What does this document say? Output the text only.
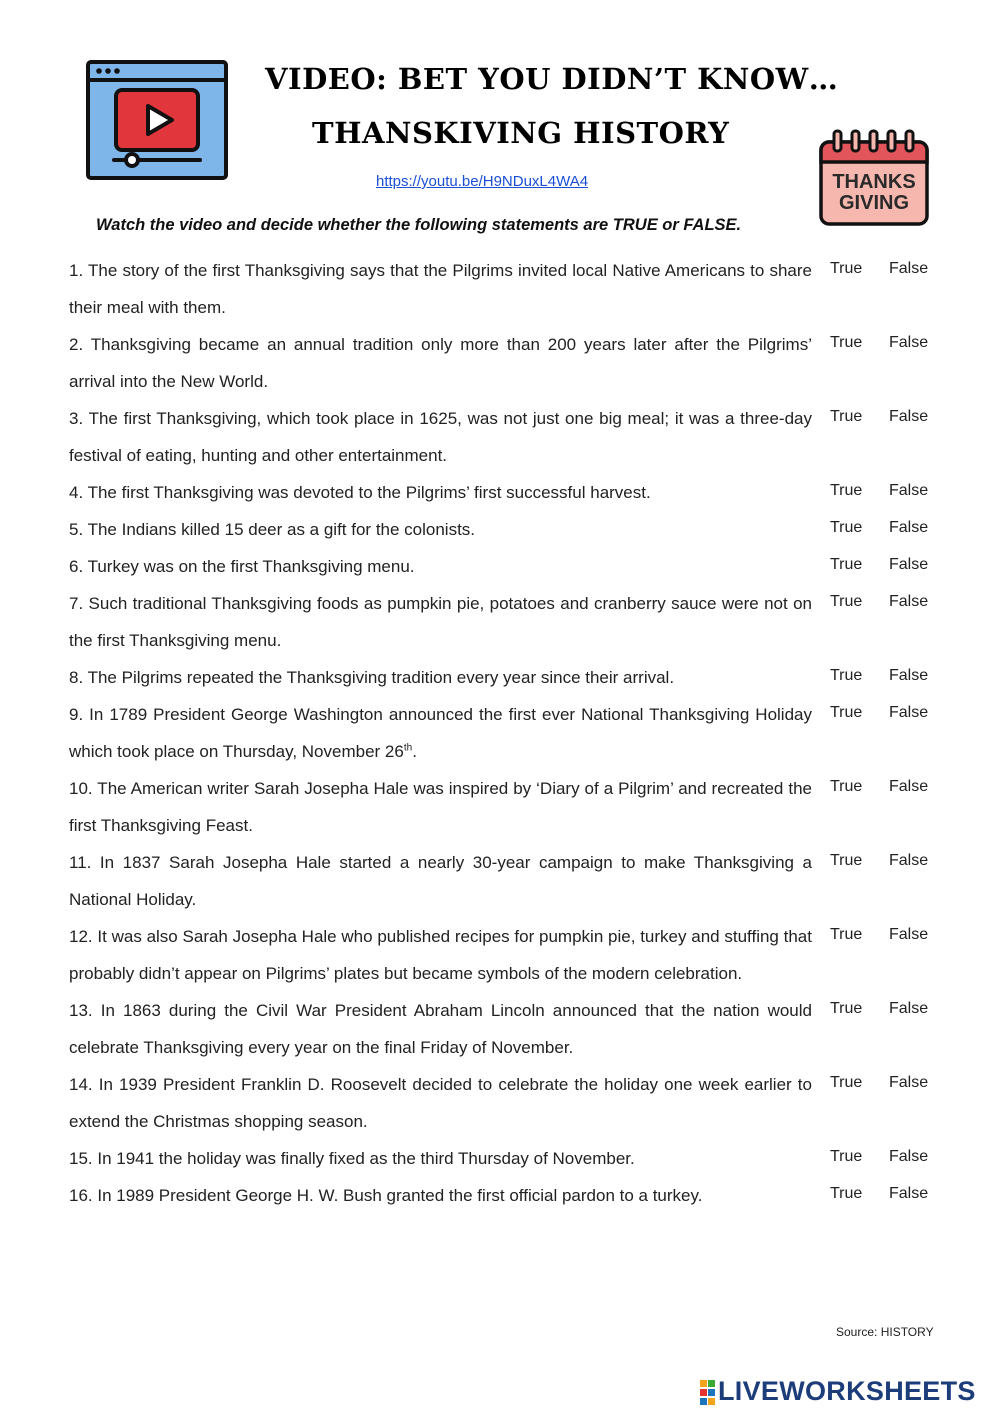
VIDEO: BET YOU DIDN’T KNOW…
THANSKIVING HISTORY
https://youtu.be/H9NDuxL4WA4	THANKS
GIVING
Watch the video and decide whether the following statements are TRUE or FALSE.
1. The story of the first Thanksgiving says that the Pilgrims invited local Native Americans to share their meal with them.
True False
2. Thanksgiving became an annual tradition only more than 200 years later after the Pilgrims’ arrival into the New World.
True False
3. The first Thanksgiving, which took place in 1625, was not just one big meal; it was a three-day festival of eating, hunting and other entertainment.
True False
4. The first Thanksgiving was devoted to the Pilgrims’ first successful harvest.	True False
5. The Indians killed 15 deer as a gift for the colonists.	True False
6. Turkey was on the first Thanksgiving menu.	True False
7. Such traditional Thanksgiving foods as pumpkin pie, potatoes and cranberry sauce were not on the first Thanksgiving menu.
True False
8. The Pilgrims repeated the Thanksgiving tradition every year since their arrival.	True False
9. In 1789 President George Washington announced the first ever National Thanksgiving Holiday which took place on Thursday, November 26th.
True False
10. The American writer Sarah Josepha Hale was inspired by ‘Diary of a Pilgrim’ and recreated the first Thanksgiving Feast.
True False
11. In 1837 Sarah Josepha Hale started a nearly 30-year campaign to make Thanksgiving a National Holiday.
True False
12. It was also Sarah Josepha Hale who published recipes for pumpkin pie, turkey and stuffing that probably didn’t appear on Pilgrims’ plates but became symbols of the modern celebration.
True False
13. In 1863 during the Civil War President Abraham Lincoln announced that the nation would celebrate Thanksgiving every year on the final Friday of November.
True False
14. In 1939 President Franklin D. Roosevelt decided to celebrate the holiday one week earlier to extend the Christmas shopping season.
True False
15. In 1941 the holiday was finally fixed as the third Thursday of November.	True False
16. In 1989 President George H. W. Bush granted the first official pardon to a turkey.	True False
Source: HISTORY
LIVEWORKSHEETS
